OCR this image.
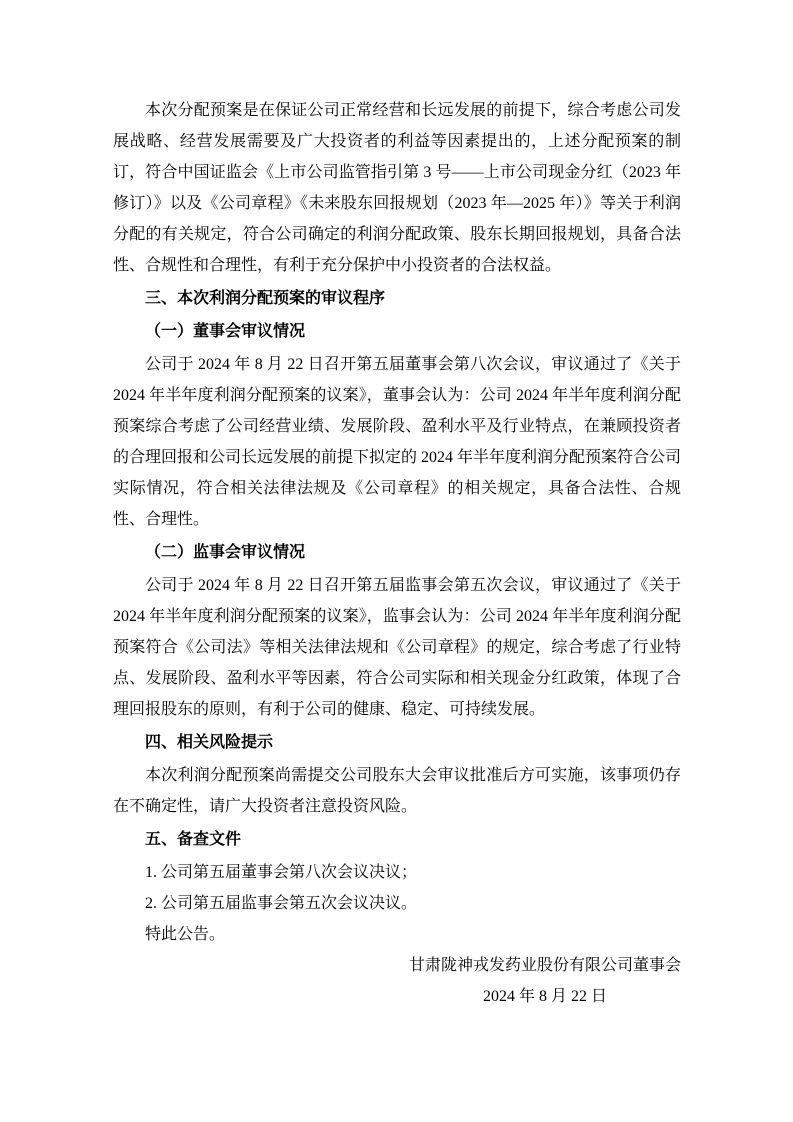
本次分配预案是在保证公司正常经营和长远发展的前提下，综合考虑公司发展战略、经营发展需要及广大投资者的利益等因素提出的，上述分配预案的制订，符合中国证监会《上市公司监管指引第 3 号——上市公司现金分红（2023 年修订）》以及《公司章程》《未来股东回报规划（2023 年—2025 年）》等关于利润分配的有关规定，符合公司确定的利润分配政策、股东长期回报规划，具备合法性、合规性和合理性，有利于充分保护中小投资者的合法权益。
三、本次利润分配预案的审议程序
（一）董事会审议情况
公司于 2024 年 8 月 22 日召开第五届董事会第八次会议，审议通过了《关于 2024 年半年度利润分配预案的议案》，董事会认为：公司 2024 年半年度利润分配预案综合考虑了公司经营业绩、发展阶段、盈利水平及行业特点，在兼顾投资者的合理回报和公司长远发展的前提下拟定的 2024 年半年度利润分配预案符合公司实际情况，符合相关法律法规及《公司章程》的相关规定，具备合法性、合规性、合理性。
（二）监事会审议情况
公司于 2024 年 8 月 22 日召开第五届监事会第五次会议，审议通过了《关于 2024 年半年度利润分配预案的议案》，监事会认为：公司 2024 年半年度利润分配预案符合《公司法》等相关法律法规和《公司章程》的规定，综合考虑了行业特点、发展阶段、盈利水平等因素，符合公司实际和相关现金分红政策，体现了合理回报股东的原则，有利于公司的健康、稳定、可持续发展。
四、相关风险提示
本次利润分配预案尚需提交公司股东大会审议批准后方可实施，该事项仍存在不确定性，请广大投资者注意投资风险。
五、备查文件
1. 公司第五届董事会第八次会议决议；
2. 公司第五届监事会第五次会议决议。
特此公告。
甘肃陇神戎发药业股份有限公司董事会
2024 年 8 月 22 日
